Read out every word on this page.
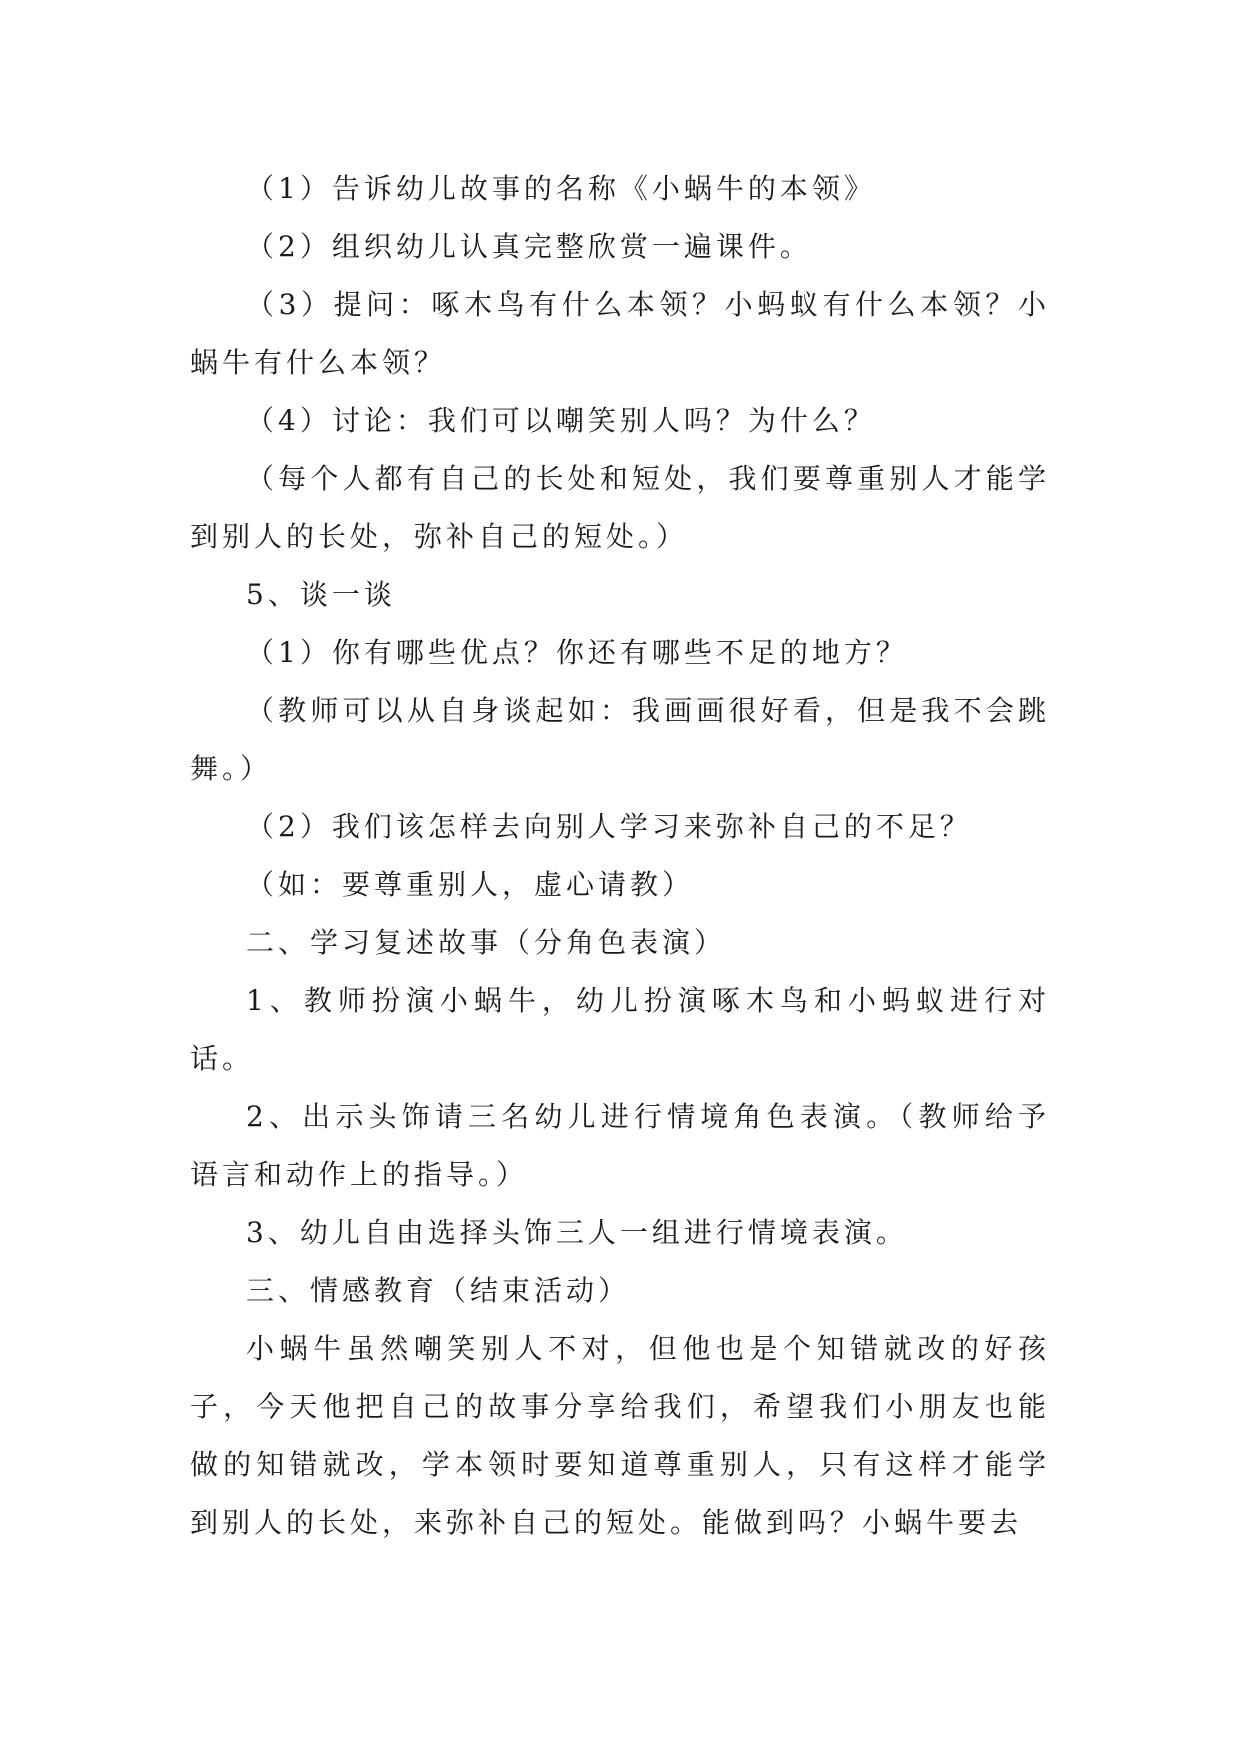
（1）告诉幼儿故事的名称《小蜗牛的本领》

（2）组织幼儿认真完整欣赏一遍课件。

（3）提问：啄木鸟有什么本领？小蚂蚁有什么本领？小蜗牛有什么本领？

（4）讨论：我们可以嘲笑别人吗？为什么？

（每个人都有自己的长处和短处，我们要尊重别人才能学到别人的长处，弥补自己的短处。）

5、谈一谈

（1）你有哪些优点？你还有哪些不足的地方？

（教师可以从自身谈起如：我画画很好看，但是我不会跳舞。）

（2）我们该怎样去向别人学习来弥补自己的不足？

（如：要尊重别人，虚心请教）

二、学习复述故事（分角色表演）

1、教师扮演小蜗牛，幼儿扮演啄木鸟和小蚂蚁进行对话。

2、出示头饰请三名幼儿进行情境角色表演。（教师给予语言和动作上的指导。）

3、幼儿自由选择头饰三人一组进行情境表演。

三、情感教育（结束活动）

小蜗牛虽然嘲笑别人不对，但他也是个知错就改的好孩子，今天他把自己的故事分享给我们，希望我们小朋友也能做的知错就改，学本领时要知道尊重别人，只有这样才能学到别人的长处，来弥补自己的短处。能做到吗？小蜗牛要去
